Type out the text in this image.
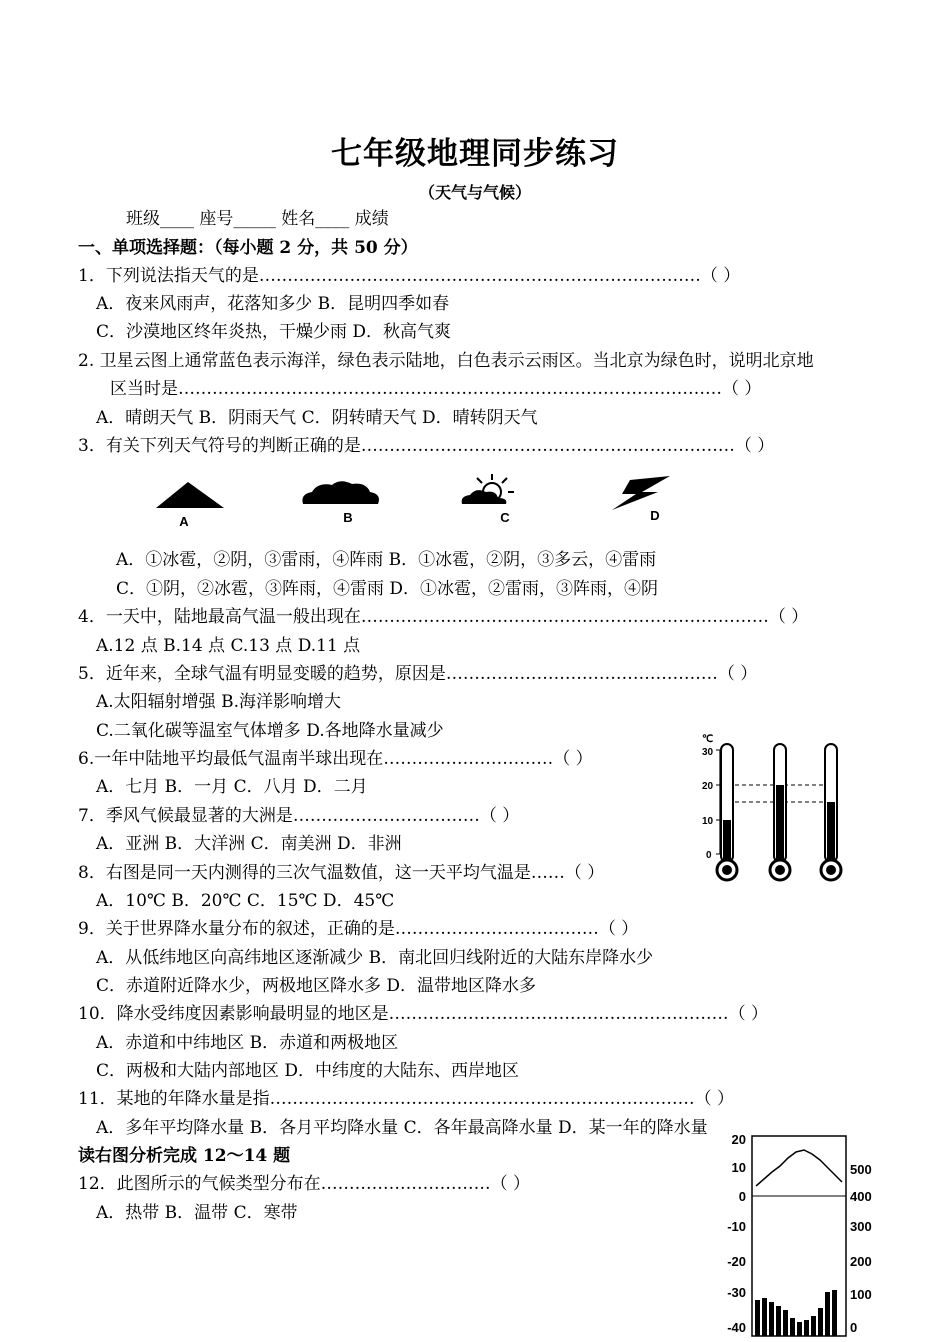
七年级地理同步练习
（天气与气候）
班级____ 座号_____ 姓名____ 成绩
一、单项选择题：（每小题 2 分，共 50 分）
1．下列说法指天气的是……………………………………………………………………（ ）
A．夜来风雨声，花落知多少 B．昆明四季如春
C．沙漠地区终年炎热，干燥少雨 D．秋高气爽
2. 卫星云图上通常蓝色表示海洋，绿色表示陆地，白色表示云雨区。当北京为绿色时，说明北京地
区当时是……………………………………………………………………………………（ ）
A．晴朗天气 B．阴雨天气 C．阴转晴天气 D．晴转阴天气
3．有关下列天气符号的判断正确的是…………………………………………………………（ ）
A	B	C	D
A．①冰雹，②阴，③雷雨，④阵雨 B．①冰雹，②阴，③多云，④雷雨
C．①阴，②冰雹，③阵雨，④雷雨 D．①冰雹，②雷雨，③阵雨，④阴
4．一天中，陆地最高气温一般出现在………………………………………………………………（ ）
A.12 点 B.14 点 C.13 点 D.11 点
5．近年来，全球气温有明显变暖的趋势，原因是…………………………………………（ ）
A.太阳辐射增强 B.海洋影响增大
C.二氧化碳等温室气体增多 D.各地降水量减少
6.一年中陆地平均最低气温南半球出现在…………………………（ ）
A．七月 B．一月 C．八月 D．二月
7．季风气候最显著的大洲是……………………………（ ）
A．亚洲 B．大洋洲 C．南美洲 D．非洲
8．右图是同一天内测得的三次气温数值，这一天平均气温是……（ ）
A．10℃ B．20℃ C．15℃ D．45℃
9．关于世界降水量分布的叙述，正确的是………………………………（ ）
A．从低纬地区向高纬地区逐渐减少 B．南北回归线附近的大陆东岸降水少
C．赤道附近降水少，两极地区降水多 D．温带地区降水多
10．降水受纬度因素影响最明显的地区是……………………………………………………（ ）
A．赤道和中纬地区 B．赤道和两极地区
C．两极和大陆内部地区 D．中纬度的大陆东、西岸地区
11．某地的年降水量是指…………………………………………………………………（ ）
A．多年平均降水量 B．各月平均降水量 C．各年最高降水量 D．某一年的降水量
读右图分析完成 12～14 题
12．此图所示的气候类型分布在…………………………（ ）
A．热带 B．温带 C．寒带
℃
30
20
10
0
20
10
0
-10
-20
-30
-40
500
400
300
200
100
0
